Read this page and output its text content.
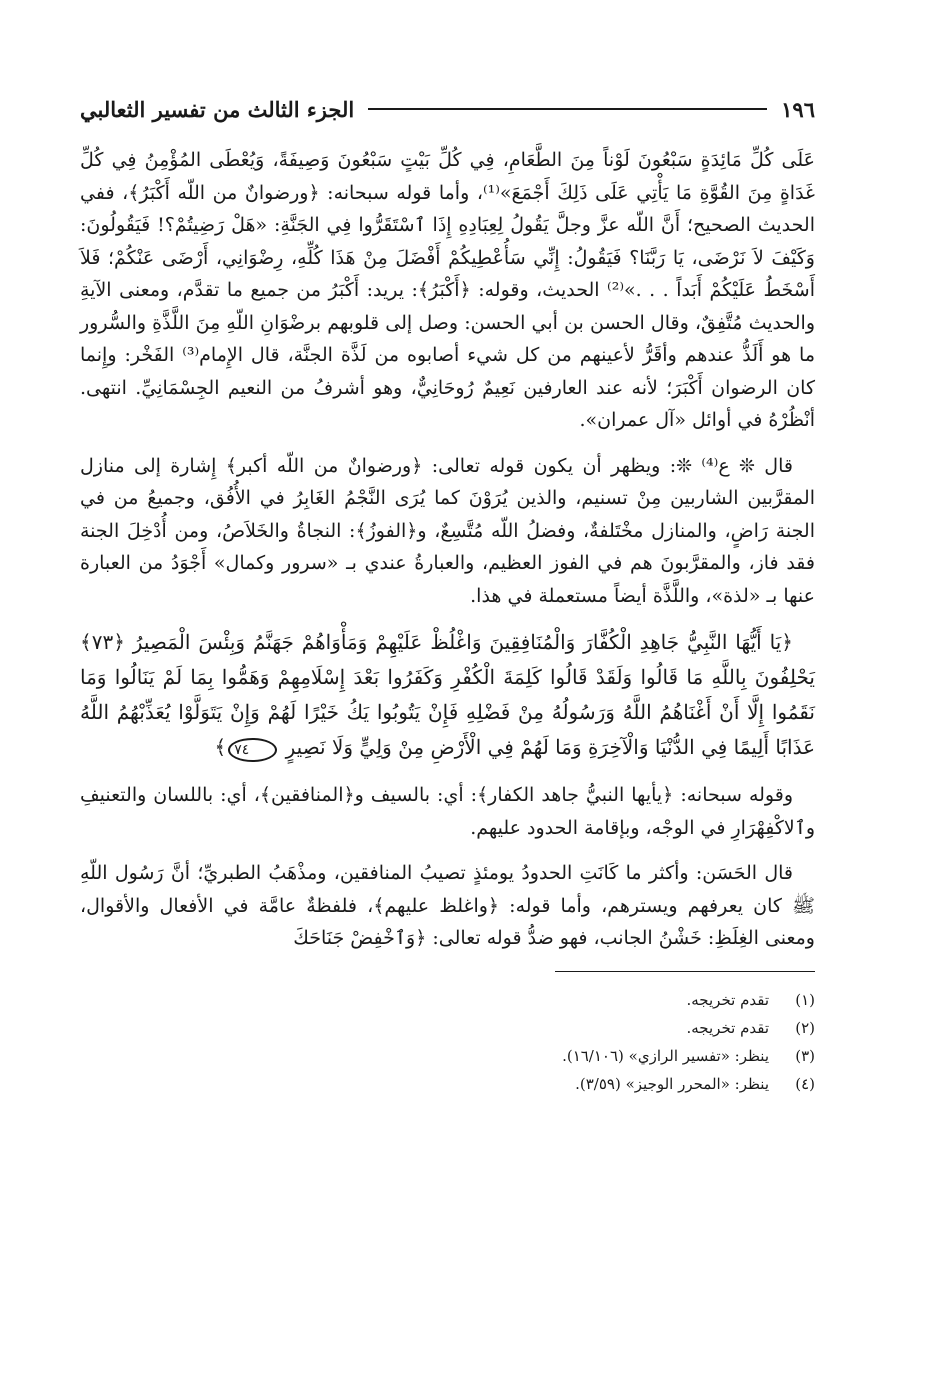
١٩٦
الجزء الثالث من تفسير الثعالبي

عَلَى كُلِّ مَائِدَةٍ سَبْعُونَ لَوْناً مِنَ الطَّعَامِ، فِي كُلِّ بَيْتٍ سَبْعُونَ وَصِيفَةً، وَيُعْطَى المُؤْمِنُ فِي كُلِّ غَدَاةٍ مِنَ القُوَّةِ مَا يَأْتِي عَلَى ذَلِكَ أَجْمَعَ»⁽¹⁾، وأما قوله سبحانه: ﴿ورضوانٌ من اللّه أَكْبَرُ﴾، ففي الحديث الصحيح؛ أَنَّ اللّه عزَّ وجلَّ يَقُولُ لِعِبَادِهِ إِذَا ٱسْتَقَرُّوا فِي الجَنَّةِ: «هَلْ رَضِيتُمْ؟! فَيَقُولُونَ: وَكَيْفَ لاَ نَرْضَى، يَا رَبَّنَا؟ فَيَقُولُ: إِنِّي سَأُعْطِيكُمْ أَفْضَلَ مِنْ هَذَا كُلِّهِ، رِضْوَانِي، أَرْضَى عَنْكُمْ؛ فَلاَ أَسْخَطُ عَلَيْكُمْ أَبَداً . . .»⁽²⁾ الحديث، وقوله: ﴿أَكْبَرُ﴾: يريد: أَكْبَرُ من جميع ما تقدَّم، ومعنى الآيةِ والحديث مُتَّفِقٌ، وقال الحسن بن أبي الحسن: وصل إلى قلوبهم برضْوَانِ اللّهِ مِنَ اللَّذَّةِ والسُّرور ما هو أَلَذُّ عندهم وأقَرُّ لأعينهم من كل شيء أصابوه من لَذَّة الجنَّة، قال الإِمام⁽³⁾ الفَخْر: وإِنما كان الرضوان أَكْبَرَ؛ لأنه عند العارفين نَعِيمٌ رُوحَانِيٌّ، وهو أشرفُ من النعيم الجِسْمَانِيِّ. انتهى. أنْظُرْهُ في أوائل «آل عمران».

قال ❊ ع⁽⁴⁾ ❊: ويظهر أن يكون قوله تعالى: ﴿ورضوانٌ من اللّه أكبر﴾ إِشارة إلى منازل المقرَّبين الشاربين مِنْ تسنيم، والذين يُرَوْنَ كما يُرَى النَّجْمُ الغَابِرُ في الأُفُق، وجميعُ من في الجنة رَاضٍ، والمنازل مخْتَلفةٌ، وفضلُ اللّه مُتَّسِعٌ، و﴿الفوزُ﴾: النجاةُ والخَلاَصُ، ومن أُدْخِلَ الجنة فقد فاز، والمقرَّبونَ هم في الفوز العظيم، والعبارةُ عندي بـ «سرور وكمال» أَجْوَدُ من العبارة عنها بـ «لذة»، واللَّذَّة أيضاً مستعملة في هذا.

﴿يَا أَيُّهَا النَّبِيُّ جَاهِدِ الْكُفَّارَ وَالْمُنَافِقِينَ وَاغْلُظْ عَلَيْهِمْ وَمَأْوَاهُمْ جَهَنَّمُ وَبِئْسَ الْمَصِيرُ ﴿٧٣﴾ يَحْلِفُونَ بِاللَّهِ مَا قَالُوا وَلَقَدْ قَالُوا كَلِمَةَ الْكُفْرِ وَكَفَرُوا بَعْدَ إِسْلَامِهِمْ وَهَمُّوا بِمَا لَمْ يَنَالُوا وَمَا نَقَمُوا إِلَّا أَنْ أَغْنَاهُمُ اللَّهُ وَرَسُولُهُ مِنْ فَضْلِهِ فَإِنْ يَتُوبُوا يَكُ خَيْرًا لَهُمْ وَإِنْ يَتَوَلَّوْا يُعَذِّبْهُمُ اللَّهُ عَذَابًا أَلِيمًا فِي الدُّنْيَا وَالْآخِرَةِ وَمَا لَهُمْ فِي الْأَرْضِ مِنْ وَلِيٍّ وَلَا نَصِيرٍ ٧٤﴾

وقوله سبحانه: ﴿يأيها النبيُّ جاهد الكفار﴾: أي: بالسيف و﴿المنافقين﴾، أي: باللسان والتعنيفِ وٱلاكْفِهْرَارِ في الوجْه، وبإقامة الحدود عليهم.

قال الحَسَن: وأكثر ما كَانَتِ الحدودُ يومئذٍ تصيبُ المنافقين، ومذْهَبُ الطبريِّ؛ أنَّ رَسُول اللّهِ ﷺ كان يعرفهم ويسترهم، وأما قوله: ﴿واغلظ عليهم﴾، فلفظةٌ عامَّة في الأفعال والأقوال، ومعنى الغِلَظِ: خَشْنُ الجانب، فهو ضدُّ قوله تعالى: ﴿وَٱخْفِضْ جَنَاحَكَ

(١)
تقدم تخريجه.
(٢)
تقدم تخريجه.
(٣)
ينظر: «تفسير الرازي» (١٦/١٠٦).
(٤)
ينظر: «المحرر الوجيز» (٣/٥٩).
